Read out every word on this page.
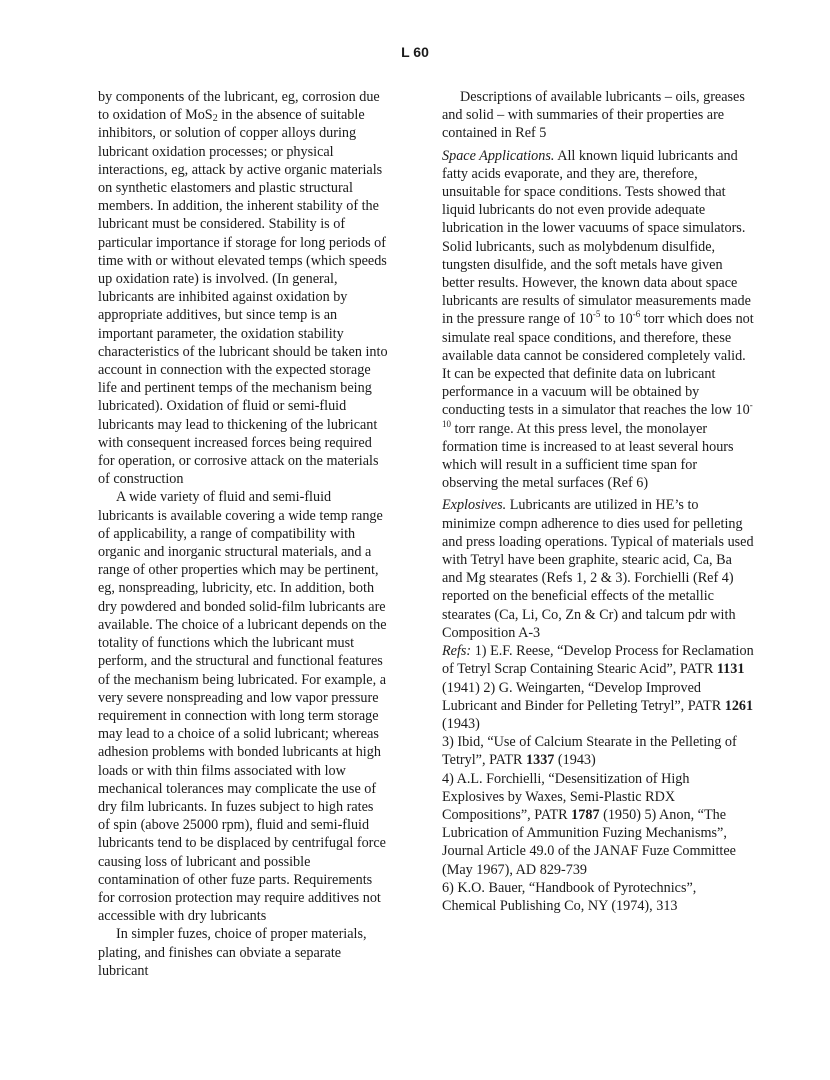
L 60

by components of the lubricant, eg, corrosion due to oxidation of MoS$_2$ in the absence of suitable inhibitors, or solution of copper alloys during lubricant oxidation processes; or physical interactions, eg, attack by active organic materials on synthetic elastomers and plastic structural members. In addition, the inherent stability of the lubricant must be considered. Stability is of particular importance if storage for long periods of time with or without elevated temps (which speeds up oxidation rate) is involved. (In general, lubricants are inhibited against oxidation by appropriate additives, but since temp is an important parameter, the oxidation stability characteristics of the lubricant should be taken into account in connection with the expected storage life and pertinent temps of the mechanism being lubricated). Oxidation of fluid or semi-fluid lubricants may lead to thickening of the lubricant with consequent increased forces being required for operation, or corrosive attack on the materials of construction

A wide variety of fluid and semi-fluid lubricants is available covering a wide temp range of applicability, a range of compatibility with organic and inorganic structural materials, and a range of other properties which may be pertinent, eg, nonspreading, lubricity, etc. In addition, both dry powdered and bonded solid-film lubricants are available. The choice of a lubricant depends on the totality of functions which the lubricant must perform, and the structural and functional features of the mechanism being lubricated. For example, a very severe nonspreading and low vapor pressure requirement in connection with long term storage may lead to a choice of a solid lubricant; whereas adhesion problems with bonded lubricants at high loads or with thin films associated with low mechanical tolerances may complicate the use of dry film lubricants. In fuzes subject to high rates of spin (above 25000 rpm), fluid and semi-fluid lubricants tend to be displaced by centrifugal force causing loss of lubricant and possible contamination of other fuze parts. Requirements for corrosion protection may require additives not accessible with dry lubricants

In simpler fuzes, choice of proper materials, plating, and finishes can obviate a separate lubricant

Descriptions of available lubricants – oils, greases and solid – with summaries of their properties are contained in Ref 5

Space Applications. All known liquid lubricants and fatty acids evaporate, and they are, therefore, unsuitable for space conditions. Tests showed that liquid lubricants do not even provide adequate lubrication in the lower vacuums of space simulators. Solid lubricants, such as molybdenum disulfide, tungsten disulfide, and the soft metals have given better results. However, the known data about space lubricants are results of simulator measurements made in the pressure range of $10^{-5}$ to $10^{-6}$ torr which does not simulate real space conditions, and therefore, these available data cannot be considered completely valid. It can be expected that definite data on lubricant performance in a vacuum will be obtained by conducting tests in a simulator that reaches the low $10^{-10}$ torr range. At this press level, the monolayer formation time is increased to at least several hours which will result in a sufficient time span for observing the metal surfaces (Ref 6)

Explosives. Lubricants are utilized in HE’s to minimize compn adherence to dies used for pelleting and press loading operations. Typical of materials used with Tetryl have been graphite, stearic acid, Ca, Ba and Mg stearates (Refs 1, 2 & 3). Forchielli (Ref 4) reported on the beneficial effects of the metallic stearates (Ca, Li, Co, Zn & Cr) and talcum pdr with Composition A-3

Refs: 1) E.F. Reese, “Develop Process for Reclamation of Tetryl Scrap Containing Stearic Acid”, PATR 1131 (1941) 2) G. Weingarten, “Develop Improved Lubricant and Binder for Pelleting Tetryl”, PATR 1261 (1943)

3) Ibid, “Use of Calcium Stearate in the Pelleting of Tetryl”, PATR 1337 (1943)

4) A.L. Forchielli, “Desensitization of High Explosives by Waxes, Semi-Plastic RDX Compositions”, PATR 1787 (1950) 5) Anon, “The Lubrication of Ammunition Fuzing Mechanisms”, Journal Article 49.0 of the JANAF Fuze Committee (May 1967), AD 829-739

6) K.O. Bauer, “Handbook of Pyrotechnics”, Chemical Publishing Co, NY (1974), 313
